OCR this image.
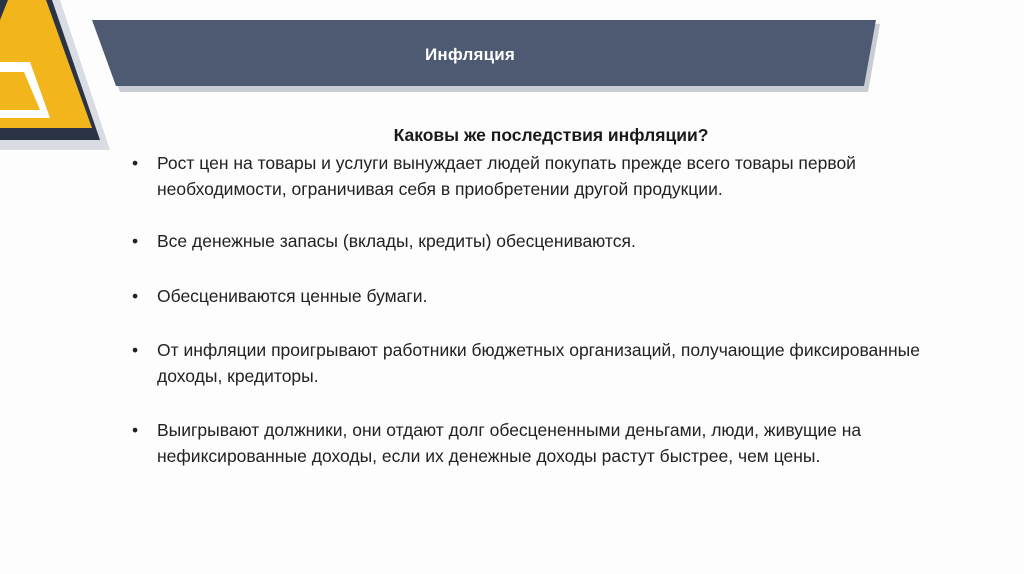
Инфляция
Каковы же последствия инфляции?
• Рост цен на товары и услуги вынуждает людей покупать прежде всего товары первой необходимости, ограничивая себя в приобретении другой продукции.
• Все денежные запасы (вклады, кредиты) обесцениваются.
• Обесцениваются ценные бумаги.
• От инфляции проигрывают работники бюджетных организаций, получающие фиксированные доходы, кредиторы.
• Выигрывают должники, они отдают долг обесцененными деньгами, люди, живущие на нефиксированные доходы, если их денежные доходы растут быстрее, чем цены.
